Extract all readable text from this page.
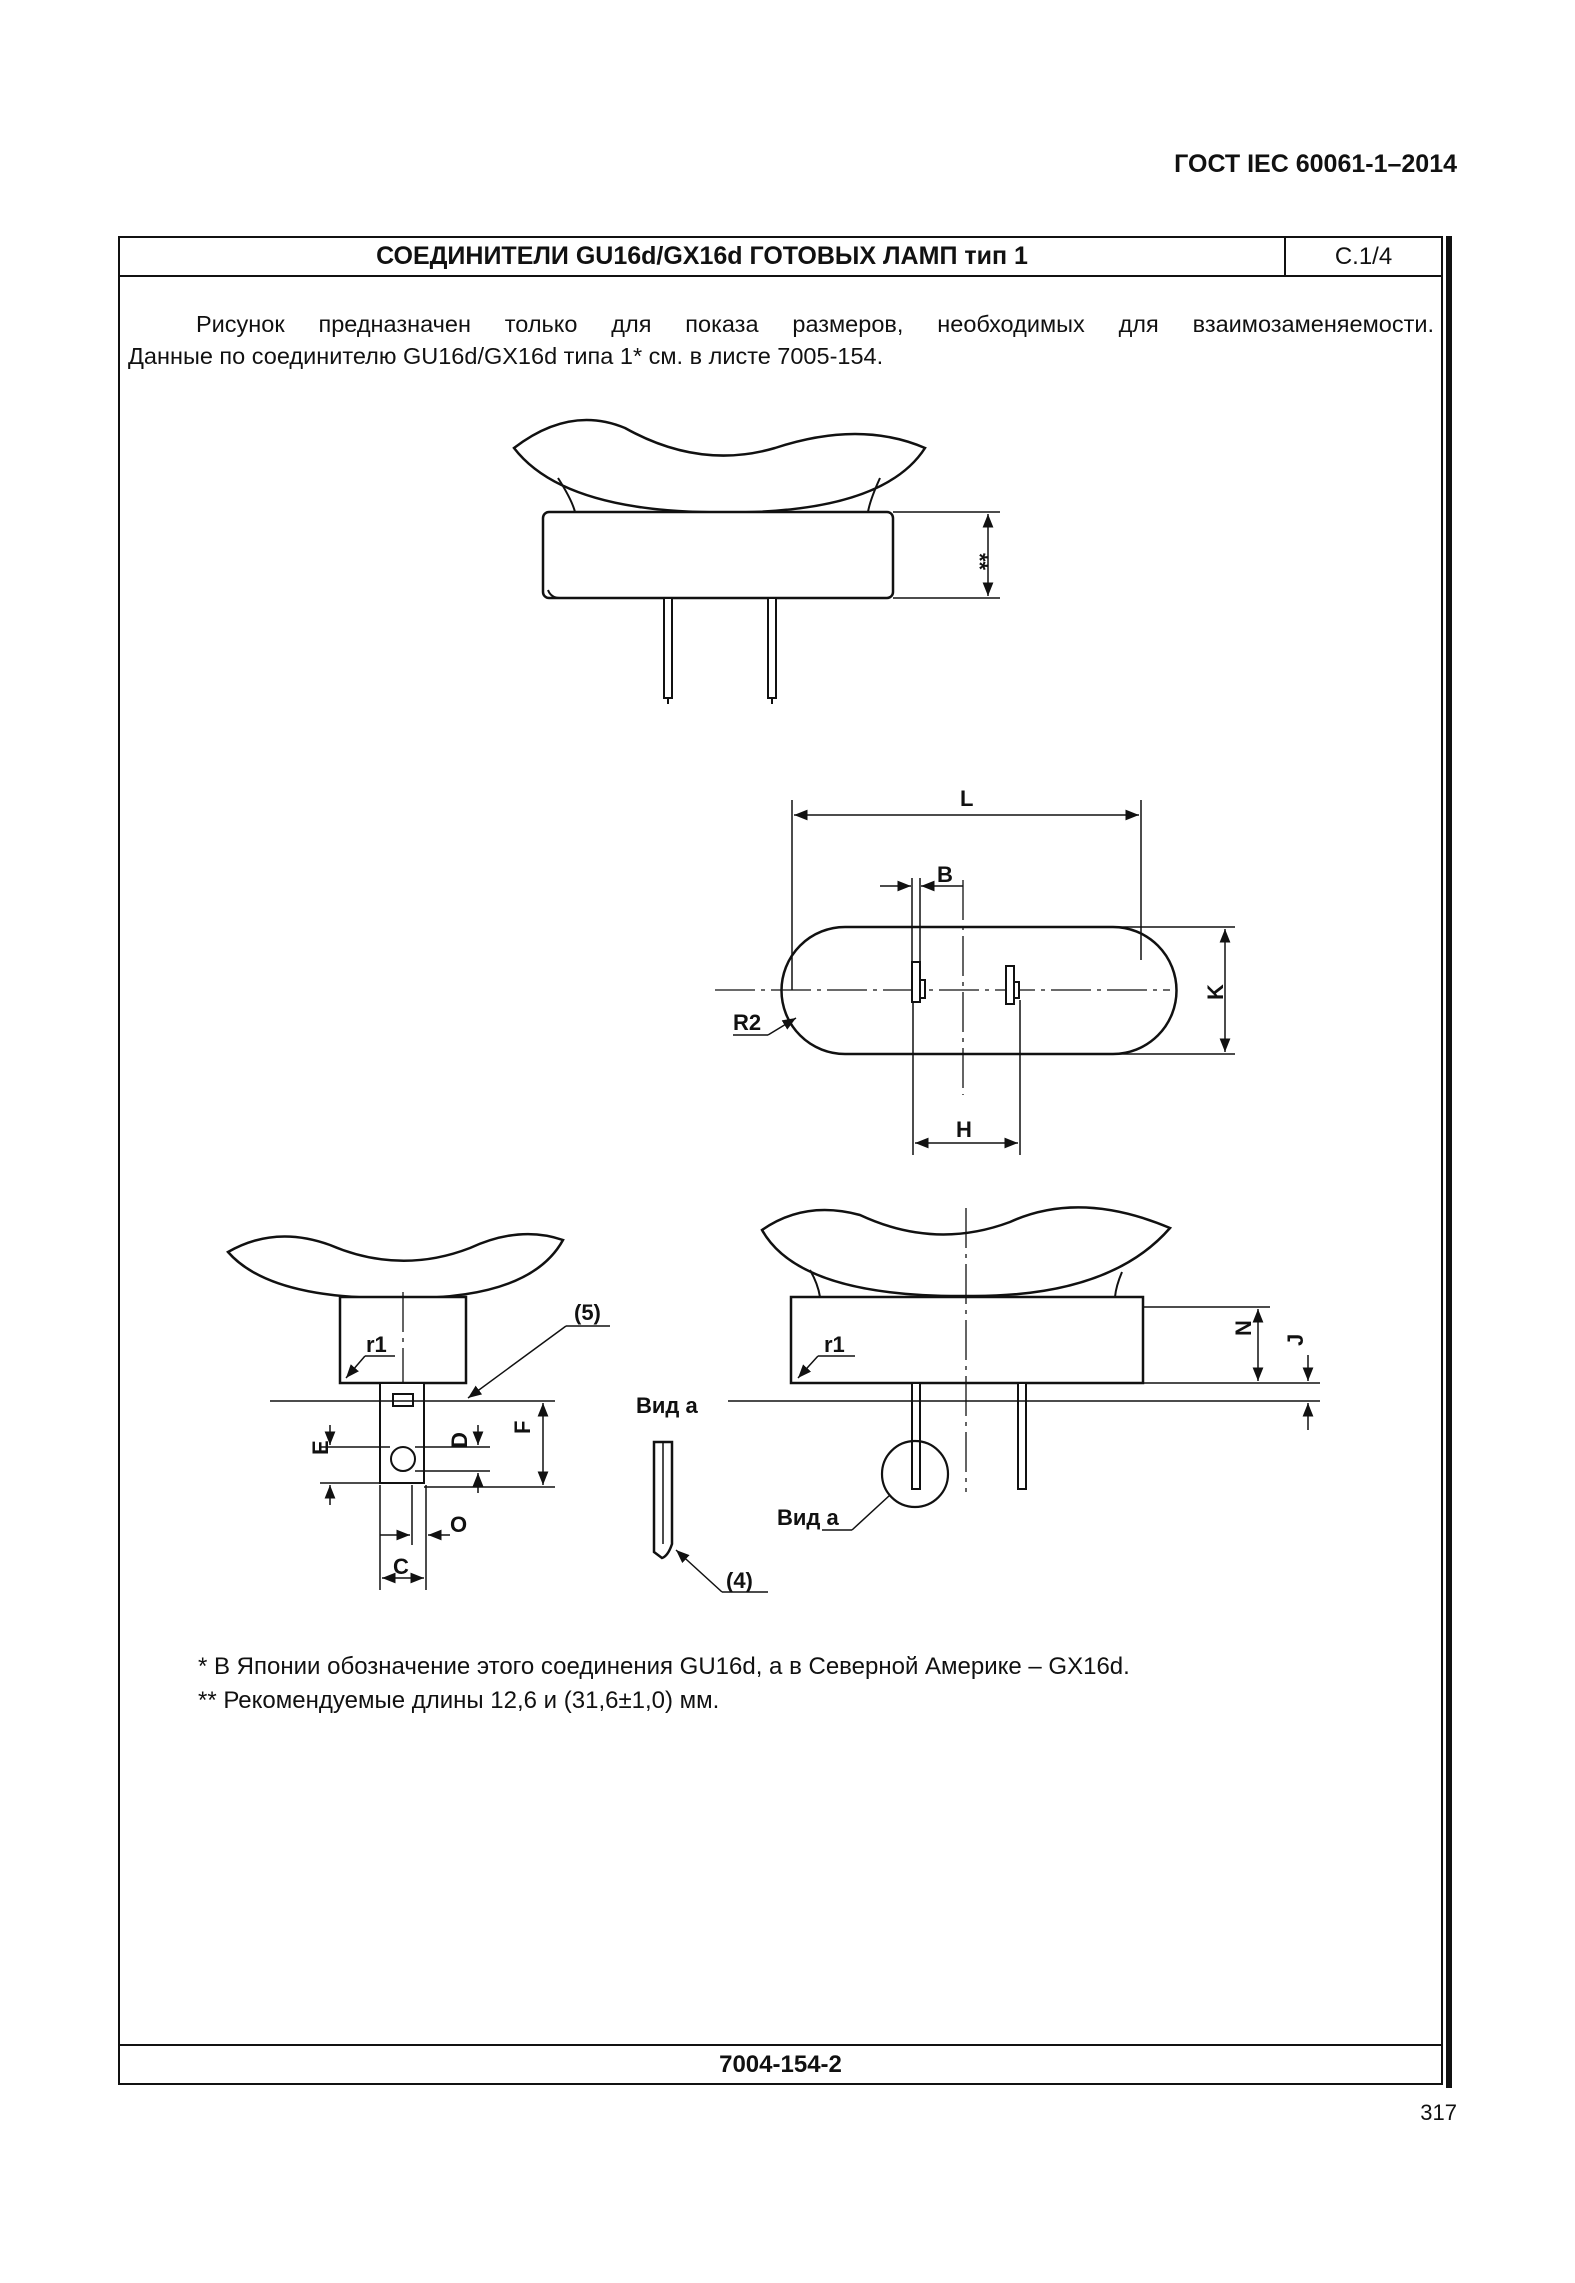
ГОСТ IEC 60061-1–2014
СОЕДИНИТЕЛИ GU16d/GX16d ГОТОВЫХ ЛАМП тип 1	С.1/4

Рисунок предназначен только для показа размеров, необходимых для взаимозаменяемости.

Данные по соединителю GU16d/GX16d типа 1* см. в листе 7005-154.

* В Японии обозначение этого соединения GU16d, а в Северной Америке – GX16d.

** Рекомендуемые длины 12,6 и (31,6±1,0) мм.

7004-154-2
**
L
B
K
R2
H
r1
(5)
E	D
F
O
C
r1
N
J
Вид а
(4)
Вид а
317
